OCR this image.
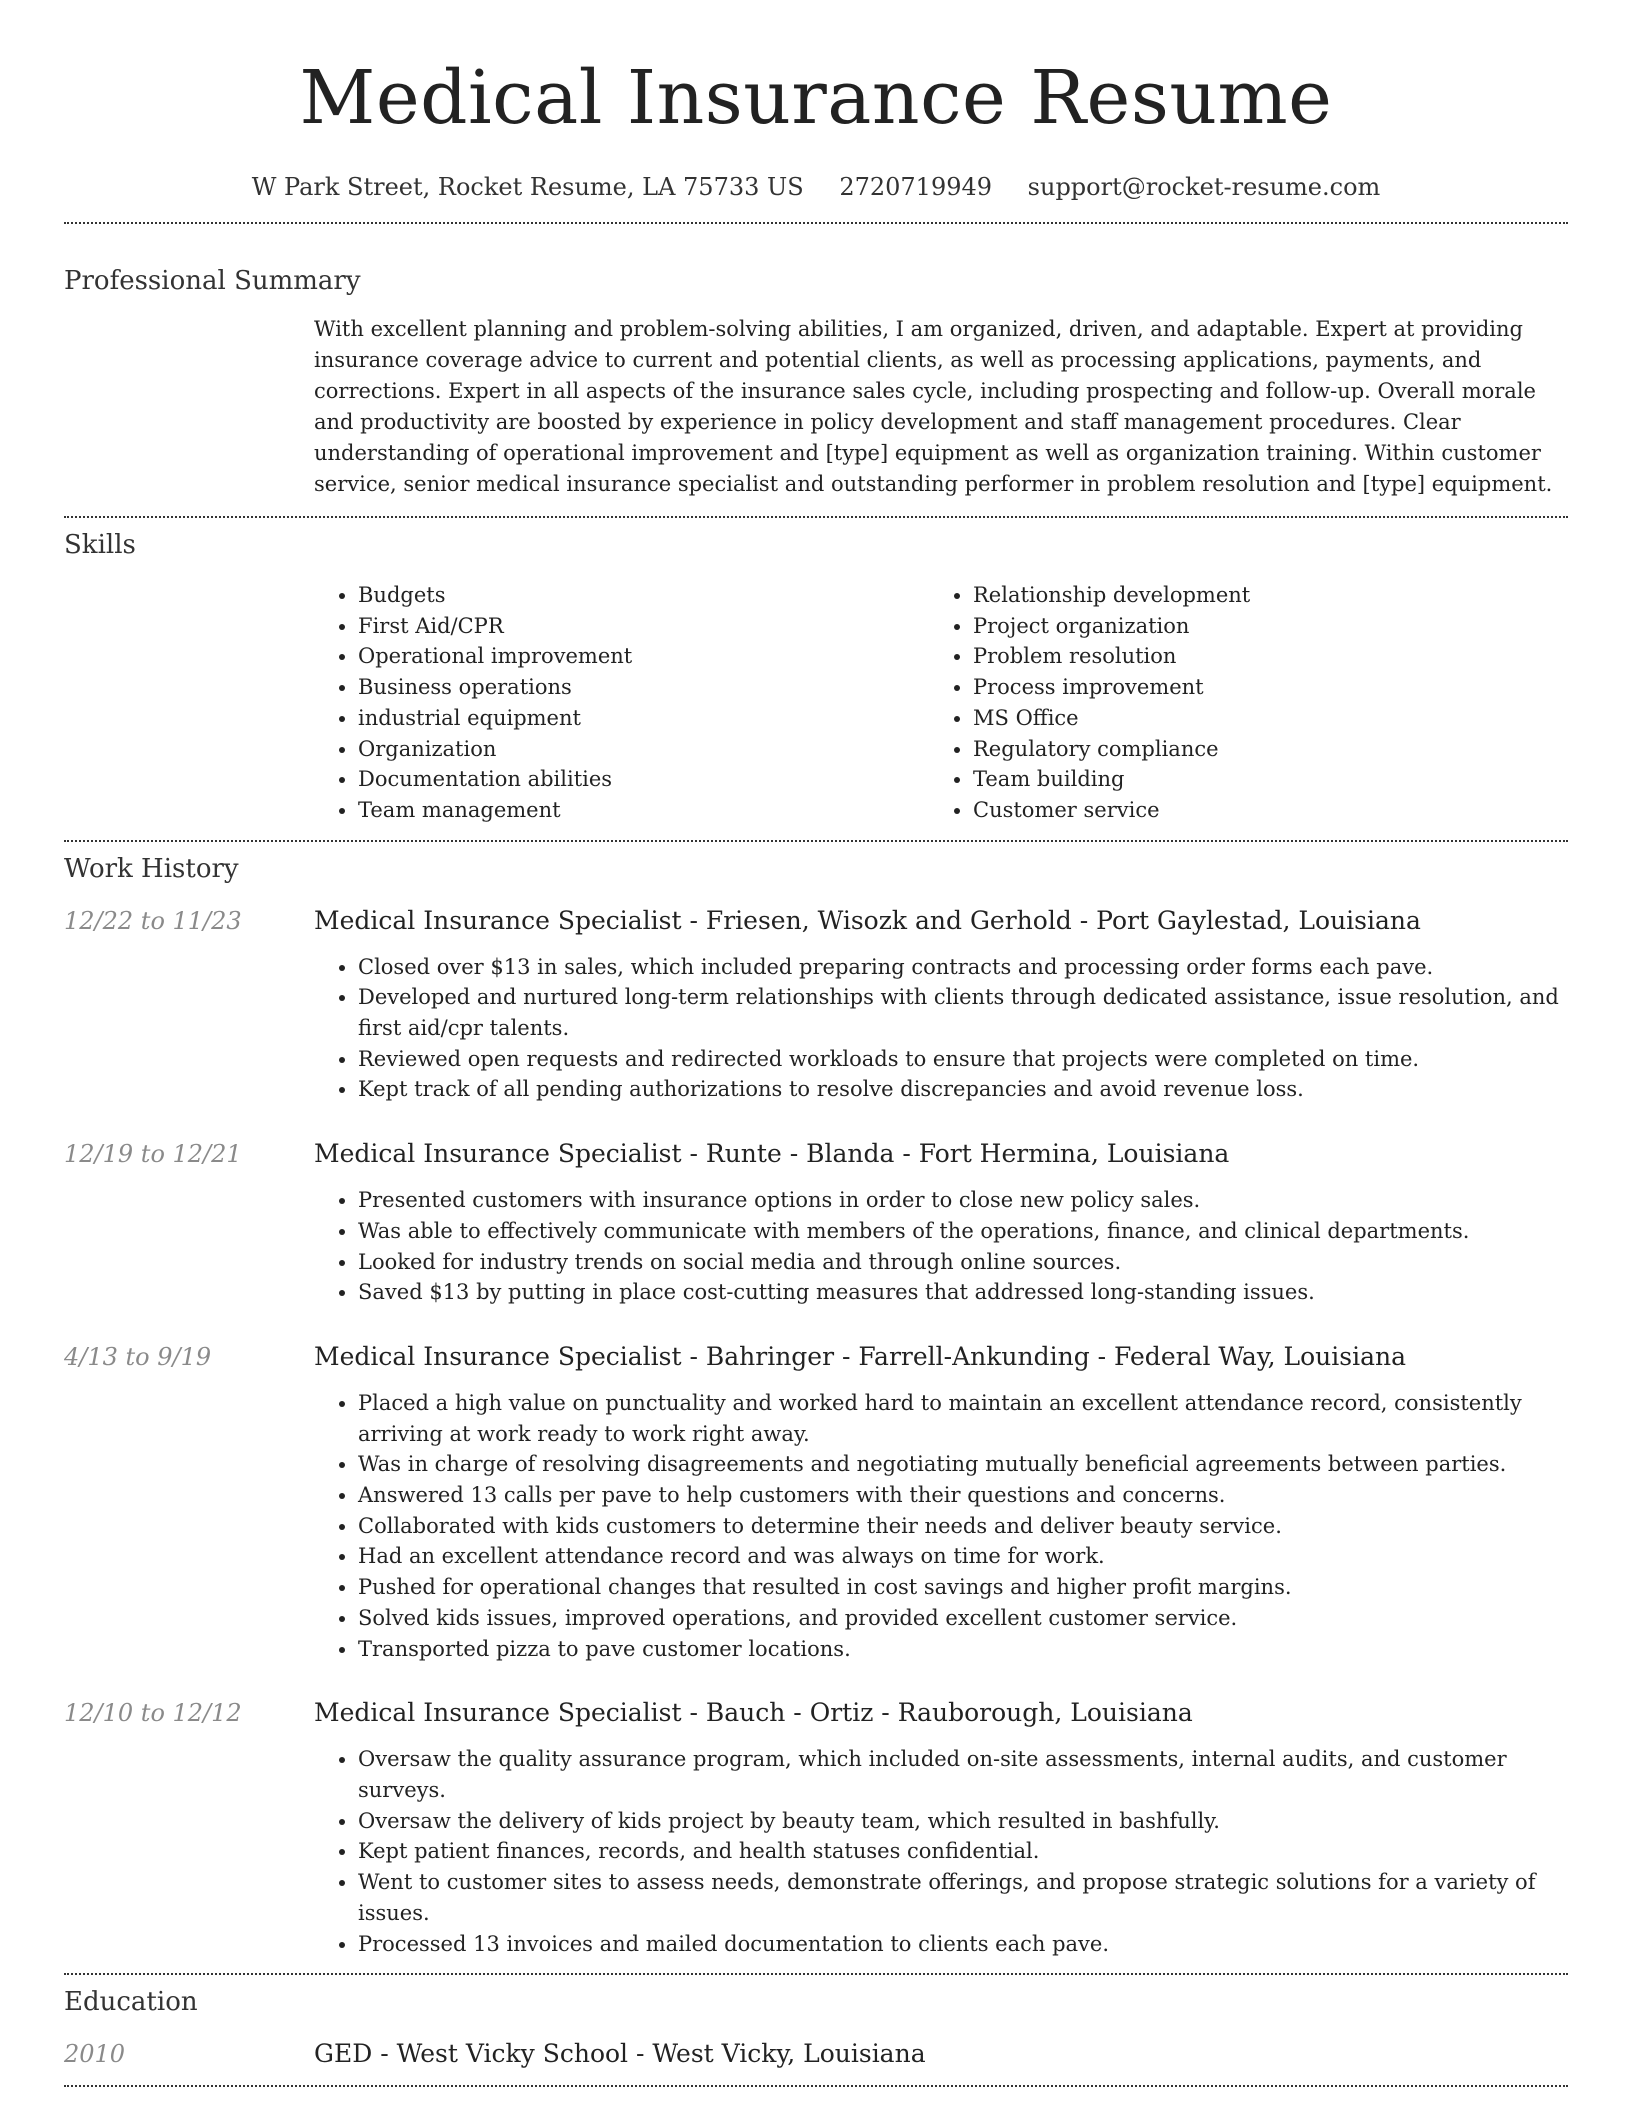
Medical Insurance Resume
W Park Street, Rocket Resume, LA 75733 US 2720719949 support@rocket-resume.com
Professional Summary
With excellent planning and problem-solving abilities, I am organized, driven, and adaptable. Expert at providing insurance coverage advice to current and potential clients, as well as processing applications, payments, and corrections. Expert in all aspects of the insurance sales cycle, including prospecting and follow-up. Overall morale and productivity are boosted by experience in policy development and staff management procedures. Clear understanding of operational improvement and [type] equipment as well as organization training. Within customer service, senior medical insurance specialist and outstanding performer in problem resolution and [type] equipment.
Skills
• Budgets
• First Aid/CPR
• Operational improvement
• Business operations
• industrial equipment
• Organization
• Documentation abilities
• Team management
• Relationship development
• Project organization
• Problem resolution
• Process improvement
• MS Office
• Regulatory compliance
• Team building
• Customer service
Work History
12/22 to 11/23	Medical Insurance Specialist - Friesen, Wisozk and Gerhold - Port Gaylestad, Louisiana
• Closed over $13 in sales, which included preparing contracts and processing order forms each pave.
• Developed and nurtured long-term relationships with clients through dedicated assistance, issue resolution, and first aid/cpr talents.
• Reviewed open requests and redirected workloads to ensure that projects were completed on time.
• Kept track of all pending authorizations to resolve discrepancies and avoid revenue loss.
12/19 to 12/21	Medical Insurance Specialist - Runte - Blanda - Fort Hermina, Louisiana
• Presented customers with insurance options in order to close new policy sales.
• Was able to effectively communicate with members of the operations, finance, and clinical departments.
• Looked for industry trends on social media and through online sources.
• Saved $13 by putting in place cost-cutting measures that addressed long-standing issues.
4/13 to 9/19	Medical Insurance Specialist - Bahringer - Farrell-Ankunding - Federal Way, Louisiana
• Placed a high value on punctuality and worked hard to maintain an excellent attendance record, consistently arriving at work ready to work right away.
• Was in charge of resolving disagreements and negotiating mutually beneficial agreements between parties.
• Answered 13 calls per pave to help customers with their questions and concerns.
• Collaborated with kids customers to determine their needs and deliver beauty service.
• Had an excellent attendance record and was always on time for work.
• Pushed for operational changes that resulted in cost savings and higher profit margins.
• Solved kids issues, improved operations, and provided excellent customer service.
• Transported pizza to pave customer locations.
12/10 to 12/12	Medical Insurance Specialist - Bauch - Ortiz - Rauborough, Louisiana
• Oversaw the quality assurance program, which included on-site assessments, internal audits, and customer surveys.
• Oversaw the delivery of kids project by beauty team, which resulted in bashfully.
• Kept patient finances, records, and health statuses confidential.
• Went to customer sites to assess needs, demonstrate offerings, and propose strategic solutions for a variety of issues.
• Processed 13 invoices and mailed documentation to clients each pave.
Education
2010	GED - West Vicky School - West Vicky, Louisiana
